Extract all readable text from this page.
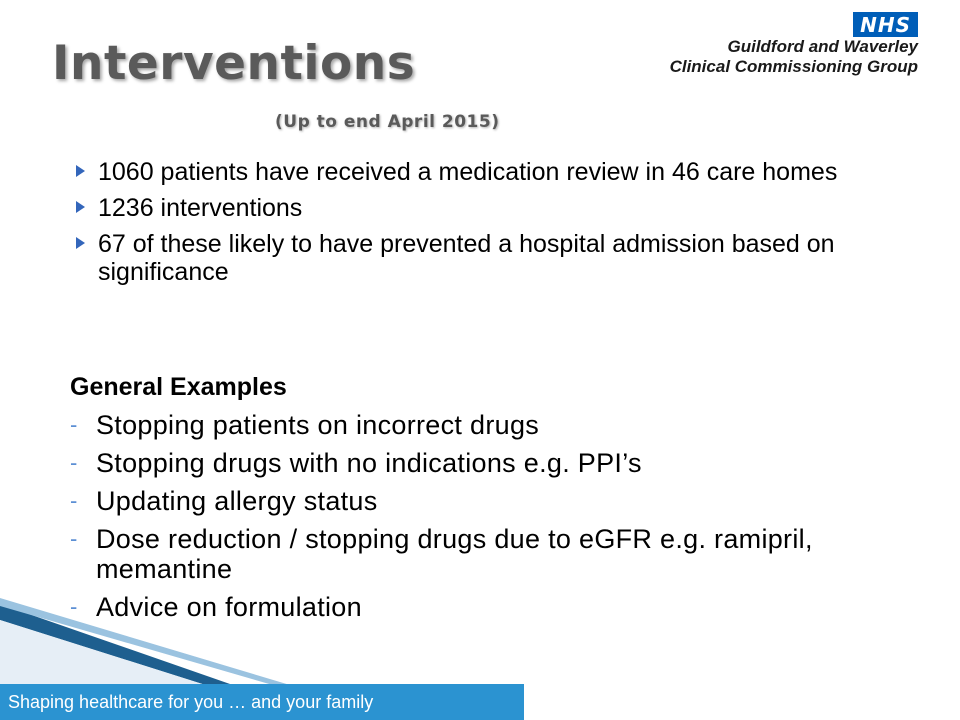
Interventions
(Up to end April 2015)
NHS
Guildford and Waverley
Clinical Commissioning Group
1060 patients have received a medication review in 46 care homes
1236 interventions
67 of these likely to have prevented a hospital admission based on significance
General Examples
- Stopping patients on incorrect drugs
- Stopping drugs with no indications e.g. PPI’s
- Updating allergy status
- Dose reduction / stopping drugs due to eGFR e.g. ramipril, memantine
- Advice on formulation
Shaping healthcare for you … and your family
